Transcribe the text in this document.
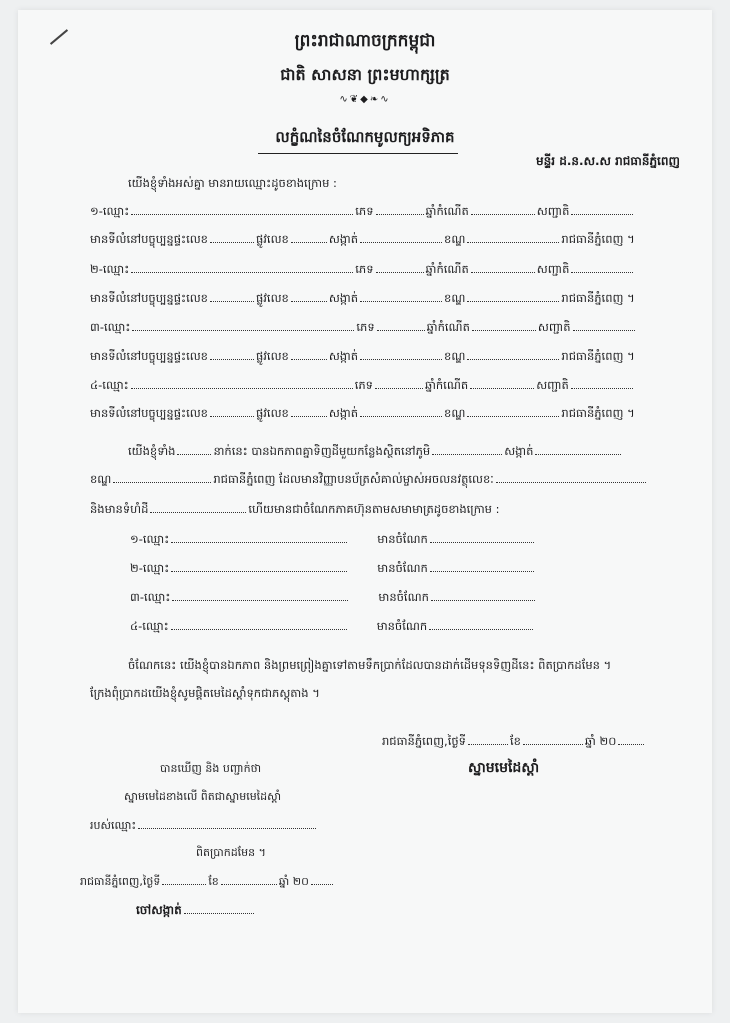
ព្រះរាជាណាចក្រកម្ពុជា
ជាតិ សាសនា ព្រះមហាក្សត្រ
∿❦◆❧∿
លក្ខំណនៃចំណែកមូលក្យអទិភាគ
មន្ទីរ ដ.ន.ស.ស រាជធានីភ្នំពេញ
យើងខ្ញុំទាំងអស់គ្នា មានរាយឈ្មោះដូចខាងក្រោម :
១-ឈ្មោះ	ភេទ	ឆ្នាំកំណើត	សញ្ជាតិ
មានទីលំនៅបច្ចុប្បន្នផ្ទះលេខ	ផ្លូវលេខ	សង្កាត់	ខណ្ឌ	រាជធានីភ្នំពេញ ។
២-ឈ្មោះ	ភេទ	ឆ្នាំកំណើត	សញ្ជាតិ
មានទីលំនៅបច្ចុប្បន្នផ្ទះលេខ	ផ្លូវលេខ	សង្កាត់	ខណ្ឌ	រាជធានីភ្នំពេញ ។
៣-ឈ្មោះ	ភេទ	ឆ្នាំកំណើត	សញ្ជាតិ
មានទីលំនៅបច្ចុប្បន្នផ្ទះលេខ	ផ្លូវលេខ	សង្កាត់	ខណ្ឌ	រាជធានីភ្នំពេញ ។
៤-ឈ្មោះ	ភេទ	ឆ្នាំកំណើត	សញ្ជាតិ
មានទីលំនៅបច្ចុប្បន្នផ្ទះលេខ	ផ្លូវលេខ	សង្កាត់	ខណ្ឌ	រាជធានីភ្នំពេញ ។
យើងខ្ញុំទាំង	នាក់នេះ បានឯកភាពគ្នាទិញដីមួយកន្លែងស្ថិតនៅភូមិ	សង្កាត់
ខណ្ឌ	រាជធានីភ្នំពេញ ដែលមានវិញ្ញាបនប័ត្រសំគាល់ម្ចាស់អចលនវត្ថុលេខៈ
និងមានទំហំដី	ហើយមានជាចំណែកភាគហ៊ុនតាមសមាមាត្រដូចខាងក្រោម :
១-ឈ្មោះ	មានចំណែក
២-ឈ្មោះ	មានចំណែក
៣-ឈ្មោះ	មានចំណែក
៤-ឈ្មោះ	មានចំណែក
ចំណែកនេះ យើងខ្ញុំបានឯកភាព និងព្រមព្រៀងគ្នាទៅតាមទឹកប្រាក់ដែលបានដាក់ដើមទុនទិញដីនេះ ពិតប្រាកដមែន ។
ក្រែងពុំប្រាកដយើងខ្ញុំសូមផ្តិតមេដៃស្តាំទុកជាភស្តុតាង ។
រាជធានីភ្នំពេញ,ថ្ងៃទី	ខែ	ឆ្នាំ ២០
ស្នាមមេដៃស្តាំ
បានឃើញ និង បញ្ជាក់ថា
ស្នាមមេដៃខាងលើ ពិតជាស្នាមមេដៃស្តាំ
របស់ឈ្មោះ
ពិតប្រាកដមែន ។
រាជធានីភ្នំពេញ,ថ្ងៃទី	ខែ	ឆ្នាំ ២០
ចៅសង្កាត់
